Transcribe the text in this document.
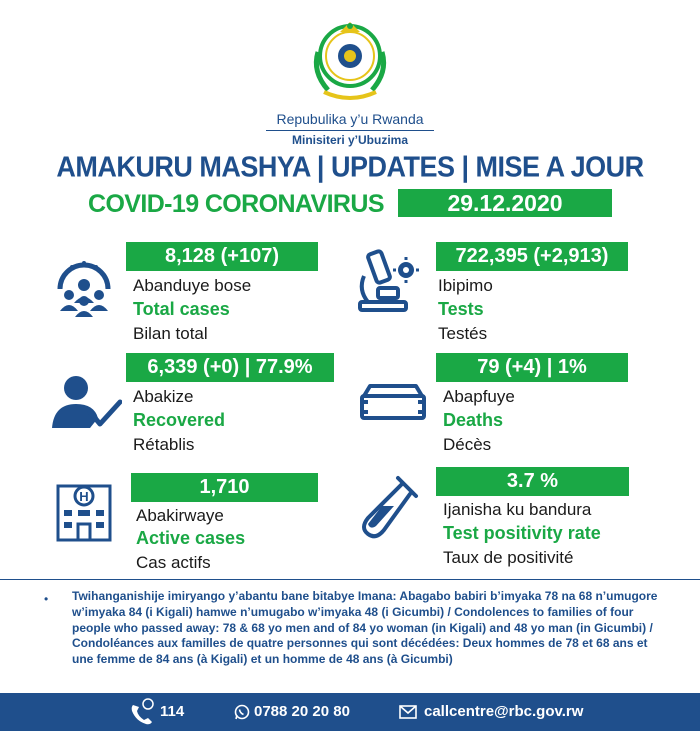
Repubulika y’u Rwanda
Minisiteri y’Ubuzima
AMAKURU MASHYA | UPDATES | MISE A JOUR
COVID-19 CORONAVIRUS	29.12.2020
8,128 (+107)
Abanduye bose
Total cases
Bilan total
722,395 (+2,913)
Ibipimo
Tests
Testés
6,339 (+0) | 77.9%
Abakize
Recovered
Rétablis
79 (+4) | 1%
Abapfuye
Deaths
Décès
H	1,710
Abakirwaye
Active cases
Cas actifs
3.7 %
Ijanisha ku bandura
Test positivity rate
Taux de positivité
• Twihanganishije imiryango y’abantu bane bitabye Imana: Abagabo babiri b’imyaka 78 na 68 n’umugore w’imyaka 84 (i Kigali) hamwe n’umugabo w’imyaka 48 (i Gicumbi) / Condolences to families of four people who passed away: 78 & 68 yo men and of 84 yo woman (in Kigali) and 48 yo man (in Gicumbi) / Condoléances aux familles de quatre personnes qui sont décédées: Deux hommes de 78 et 68 ans et une femme de 84 ans (à Kigali) et un homme de 48 ans (à Gicumbi)
114	0788 20 20 80	callcentre@rbc.gov.rw
